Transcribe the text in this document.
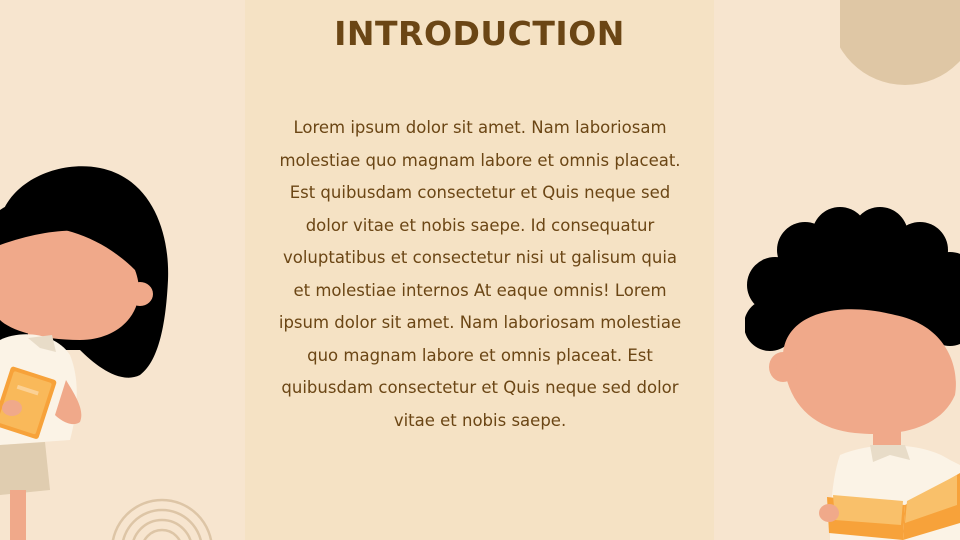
INTRODUCTION

Lorem ipsum dolor sit amet. Nam laboriosam molestiae quo magnam labore et omnis placeat. Est quibusdam consectetur et Quis neque sed dolor vitae et nobis saepe. Id consequatur voluptatibus et consectetur nisi ut galisum quia et molestiae internos At eaque omnis! Lorem ipsum dolor sit amet. Nam laboriosam molestiae quo magnam labore et omnis placeat. Est quibusdam consectetur et Quis neque sed dolor vitae et nobis saepe.
